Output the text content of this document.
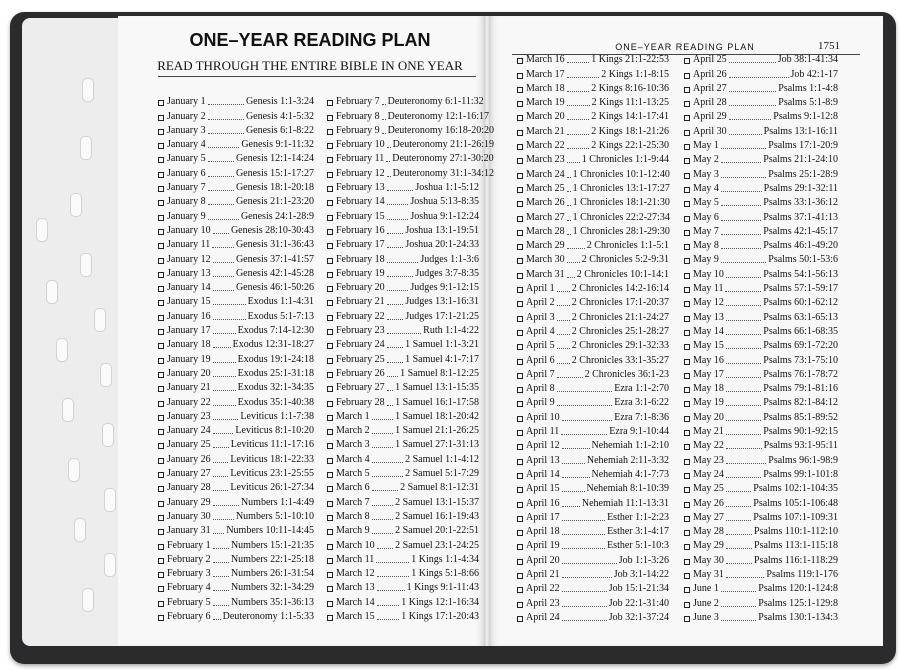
ONE–YEAR READING PLAN
READ THROUGH THE ENTIRE BIBLE IN ONE YEAR
ONE–YEAR READING PLAN	1751
January 1	Genesis 1:1-3:24
January 2	Genesis 4:1-5:32
January 3	Genesis 6:1-8:22
January 4	Genesis 9:1-11:32
January 5	Genesis 12:1-14:24
January 6	Genesis 15:1-17:27
January 7	Genesis 18:1-20:18
January 8	Genesis 21:1-23:20
January 9	Genesis 24:1-28:9
January 10 Genesis 28:10-30:43
January 11	Genesis 31:1-36:43
January 12	Genesis 37:1-41:57
January 13	Genesis 42:1-45:28
January 14	Genesis 46:1-50:26
January 15	Exodus 1:1-4:31
January 16	Exodus 5:1-7:13
January 17	Exodus 7:14-12:30
January 18 Exodus 12:31-18:27
January 19	Exodus 19:1-24:18
January 20	Exodus 25:1-31:18
January 21	Exodus 32:1-34:35
January 22	Exodus 35:1-40:38
January 23	Leviticus 1:1-7:38
January 24 Leviticus 8:1-10:20
January 25 Leviticus 11:1-17:16
January 26 Leviticus 18:1-22:33
January 27 Leviticus 23:1-25:55
January 28 Leviticus 26:1-27:34
January 29	Numbers 1:1-4:49
January 30	Numbers 5:1-10:10
January 31 Numbers 10:11-14:45
February 1 Numbers 15:1-21:35
February 2 Numbers 22:1-25:18
February 3 Numbers 26:1-31:54
February 4 Numbers 32:1-34:29
February 5 Numbers 35:1-36:13
February 6 Deuteronomy 1:1-5:33
February 7 Deuteronomy 6:1-11:32
February 8 Deuteronomy 12:1-16:17
February 9 Deuteronomy 16:18-20:20
February 10 Deuteronomy 21:1-26:19
February 11 Deuteronomy 27:1-30:20
February 12 Deuteronomy 31:1-34:12
February 13	Joshua 1:1-5:12
February 14	Joshua 5:13-8:35
February 15	Joshua 9:1-12:24
February 16 Joshua 13:1-19:51
February 17 Joshua 20:1-24:33
February 18	Judges 1:1-3:6
February 19	Judges 3:7-8:35
February 20	Judges 9:1-12:15
February 21 Judges 13:1-16:31
February 22 Judges 17:1-21:25
February 23	Ruth 1:1-4:22
February 24 1 Samuel 1:1-3:21
February 25 1 Samuel 4:1-7:17
February 26 1 Samuel 8:1-12:25
February 27 1 Samuel 13:1-15:35
February 28 1 Samuel 16:1-17:58
March 1	1 Samuel 18:1-20:42
March 2	1 Samuel 21:1-26:25
March 3	1 Samuel 27:1-31:13
March 4	2 Samuel 1:1-4:12
March 5	2 Samuel 5:1-7:29
March 6	2 Samuel 8:1-12:31
March 7	2 Samuel 13:1-15:37
March 8	2 Samuel 16:1-19:43
March 9	2 Samuel 20:1-22:51
March 10 2 Samuel 23:1-24:25
March 11	1 Kings 1:1-4:34
March 12	1 Kings 5:1-8:66
March 13	1 Kings 9:1-11:43
March 14	1 Kings 12:1-16:34
March 15	1 Kings 17:1-20:43
March 16	1 Kings 21:1-22:53
March 17	2 Kings 1:1-8:15
March 18	2 Kings 8:16-10:36
March 19	2 Kings 11:1-13:25
March 20	2 Kings 14:1-17:41
March 21	2 Kings 18:1-21:26
March 22	2 Kings 22:1-25:30
March 23 1 Chronicles 1:1-9:44
March 24 1 Chronicles 10:1-12:40
March 25 1 Chronicles 13:1-17:27
March 26 1 Chronicles 18:1-21:30
March 27 1 Chronicles 22:2-27:34
March 28 1 Chronicles 28:1-29:30
March 29 2 Chronicles 1:1-5:1
March 30 2 Chronicles 5:2-9:31
March 31 2 Chronicles 10:1-14:1
April 1 2 Chronicles 14:2-16:14
April 2 2 Chronicles 17:1-20:37
April 3 2 Chronicles 21:1-24:27
April 4 2 Chronicles 25:1-28:27
April 5 2 Chronicles 29:1-32:33
April 6 2 Chronicles 33:1-35:27
April 7	2 Chronicles 36:1-23
April 8	Ezra 1:1-2:70
April 9	Ezra 3:1-6:22
April 10	Ezra 7:1-8:36
April 11	Ezra 9:1-10:44
April 12	Nehemiah 1:1-2:10
April 13	Nehemiah 2:11-3:32
April 14	Nehemiah 4:1-7:73
April 15	Nehemiah 8:1-10:39
April 16 Nehemiah 11:1-13:31
April 17	Esther 1:1-2:23
April 18	Esther 3:1-4:17
April 19	Esther 5:1-10:3
April 20	Job 1:1-3:26
April 21	Job 3:1-14:22
April 22	Job 15:1-21:34
April 23	Job 22:1-31:40
April 24	Job 32:1-37:24
April 25	Job 38:1-41:34
April 26	Job 42:1-17
April 27	Psalms 1:1-4:8
April 28	Psalms 5:1-8:9
April 29	Psalms 9:1-12:8
April 30	Psalms 13:1-16:11
May 1	Psalms 17:1-20:9
May 2	Psalms 21:1-24:10
May 3	Psalms 25:1-28:9
May 4	Psalms 29:1-32:11
May 5	Psalms 33:1-36:12
May 6	Psalms 37:1-41:13
May 7	Psalms 42:1-45:17
May 8	Psalms 46:1-49:20
May 9	Psalms 50:1-53:6
May 10	Psalms 54:1-56:13
May 11	Psalms 57:1-59:17
May 12	Psalms 60:1-62:12
May 13	Psalms 63:1-65:13
May 14	Psalms 66:1-68:35
May 15	Psalms 69:1-72:20
May 16	Psalms 73:1-75:10
May 17	Psalms 76:1-78:72
May 18	Psalms 79:1-81:16
May 19	Psalms 82:1-84:12
May 20	Psalms 85:1-89:52
May 21	Psalms 90:1-92:15
May 22	Psalms 93:1-95:11
May 23	Psalms 96:1-98:9
May 24	Psalms 99:1-101:8
May 25	Psalms 102:1-104:35
May 26	Psalms 105:1-106:48
May 27	Psalms 107:1-109:31
May 28	Psalms 110:1-112:10
May 29	Psalms 113:1-115:18
May 30	Psalms 116:1-118:29
May 31	Psalms 119:1-176
June 1	Psalms 120:1-124:8
June 2	Psalms 125:1-129:8
June 3	Psalms 130:1-134:3
